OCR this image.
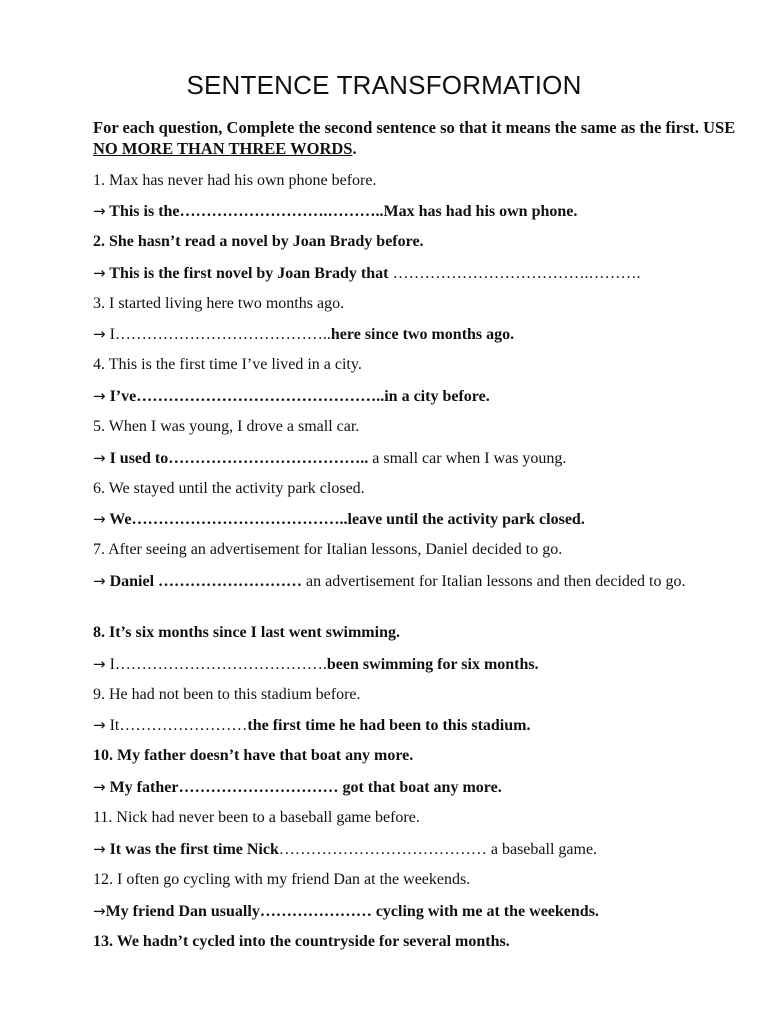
SENTENCE TRANSFORMATION
For each question, Complete the second sentence so that it means the same as the first. USE NO MORE THAN THREE WORDS.
1. Max has never had his own phone before.
→ This is the……………………….………..Max has had his own phone.
2. She hasn’t read a novel by Joan Brady before.
→ This is the first novel by Joan Brady that ……………………………….……….
3. I started living here two months ago.
→ I…………………………………..here since two months ago.
4. This is the first time I’ve lived in a city.
→ I’ve………………………………………..in a city before.
5. When I was young, I drove a small car.
→ I used to……………………………….. a small car when I was young.
6. We stayed until the activity park closed.
→ We…………………………………..leave until the activity park closed.
7. After seeing an advertisement for Italian lessons, Daniel decided to go.
→ Daniel ……………………… an advertisement for Italian lessons and then decided to go.
8. It’s six months since I last went swimming.
→ I………………………………….been swimming for six months.
9. He had not been to this stadium before.
→ It……………………the first time he had been to this stadium.
10. My father doesn’t have that boat any more.
→ My father………………………… got that boat any more.
11. Nick had never been to a baseball game before.
→ It was the first time Nick………………………………… a baseball game.
12. I often go cycling with my friend Dan at the weekends.
→My friend Dan usually………………… cycling with me at the weekends.
13. We hadn’t cycled into the countryside for several months.
